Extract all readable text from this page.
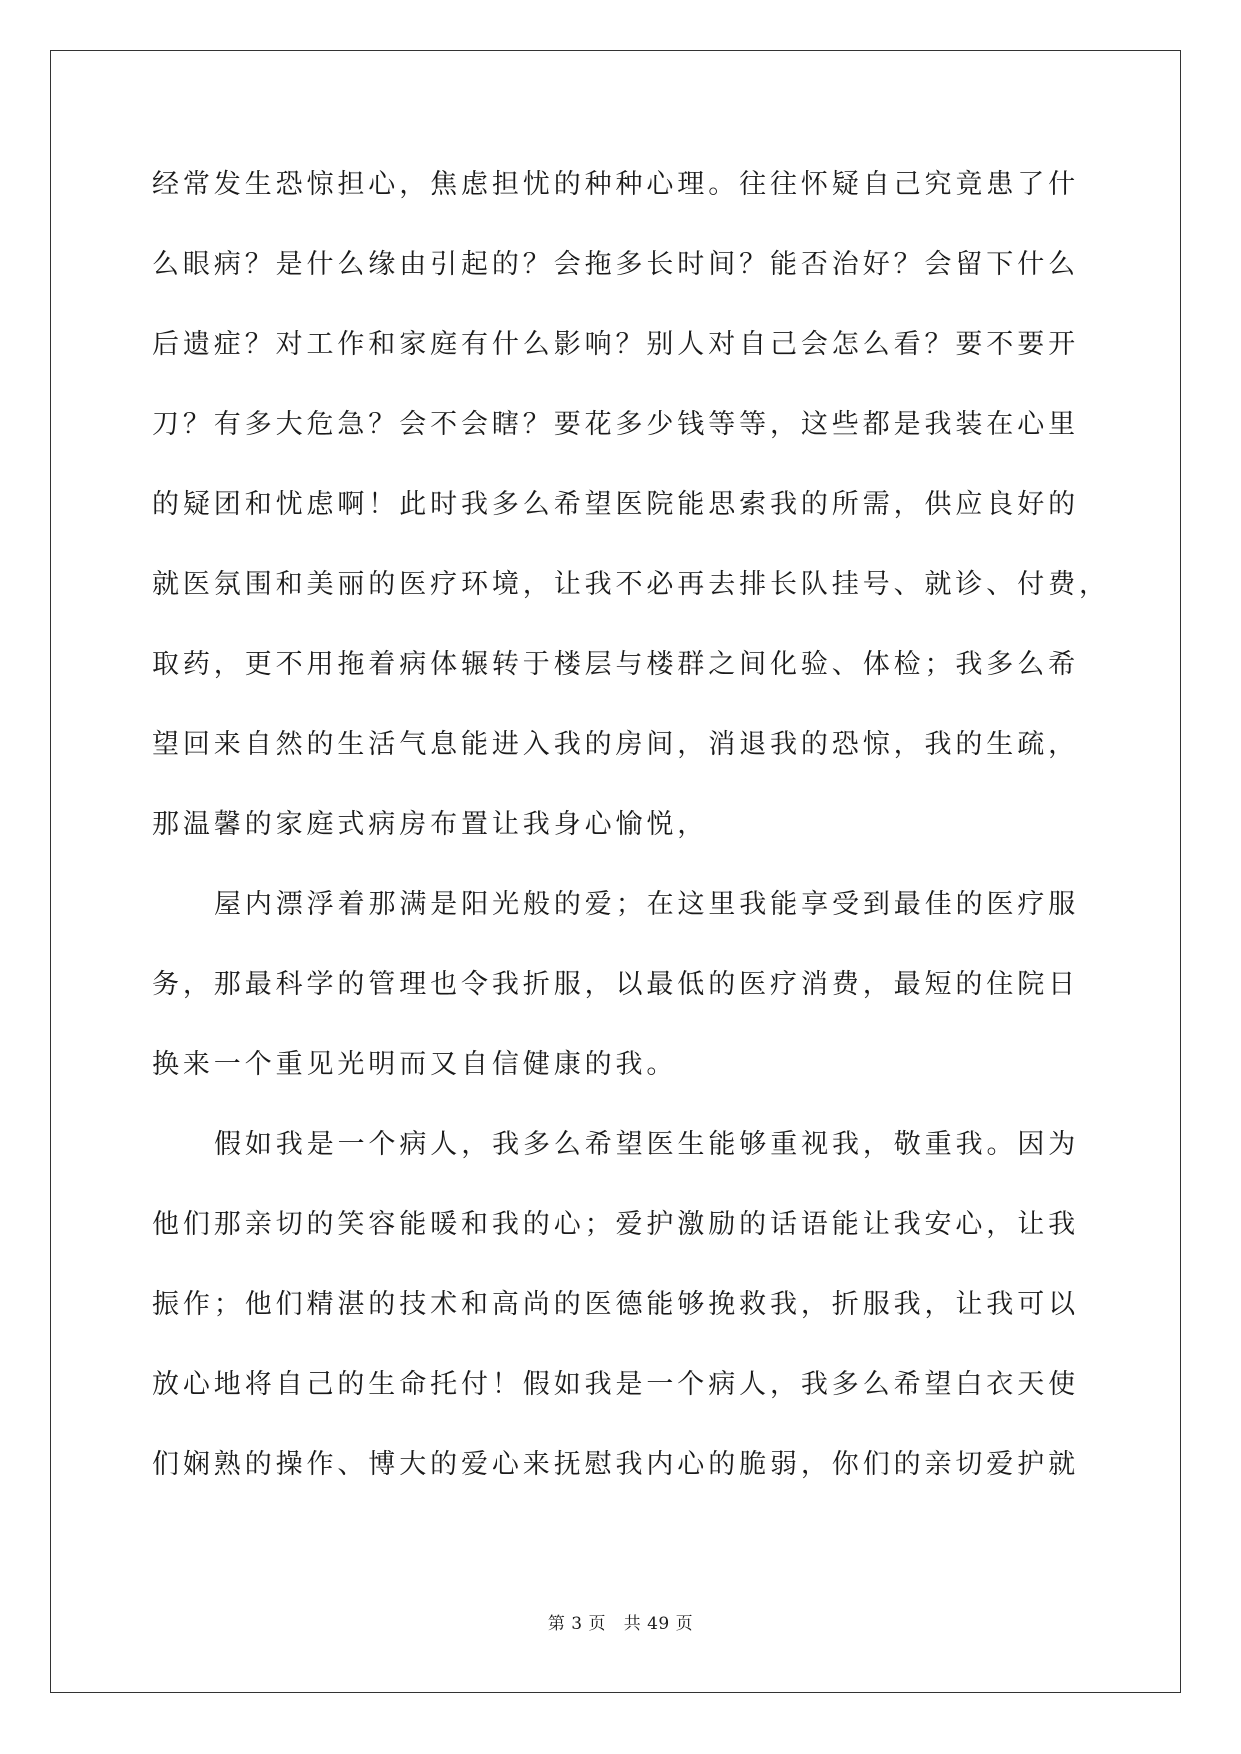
经常发生恐惊担心，焦虑担忧的种种心理。往往怀疑自己究竟患了什
么眼病？是什么缘由引起的？会拖多长时间？能否治好？会留下什么
后遗症？对工作和家庭有什么影响？别人对自己会怎么看？要不要开
刀？有多大危急？会不会瞎？要花多少钱等等，这些都是我装在心里
的疑团和忧虑啊！此时我多么希望医院能思索我的所需，供应良好的
就医氛围和美丽的医疗环境，让我不必再去排长队挂号、就诊、付费，
取药，更不用拖着病体辗转于楼层与楼群之间化验、体检；我多么希
望回来自然的生活气息能进入我的房间，消退我的恐惊，我的生疏，
那温馨的家庭式病房布置让我身心愉悦，
屋内漂浮着那满是阳光般的爱；在这里我能享受到最佳的医疗服
务，那最科学的管理也令我折服，以最低的医疗消费，最短的住院日
换来一个重见光明而又自信健康的我。
假如我是一个病人，我多么希望医生能够重视我，敬重我。因为
他们那亲切的笑容能暖和我的心；爱护激励的话语能让我安心，让我
振作；他们精湛的技术和高尚的医德能够挽救我，折服我，让我可以
放心地将自己的生命托付！假如我是一个病人，我多么希望白衣天使
们娴熟的操作、博大的爱心来抚慰我内心的脆弱，你们的亲切爱护就
第 3 页 共 49 页
